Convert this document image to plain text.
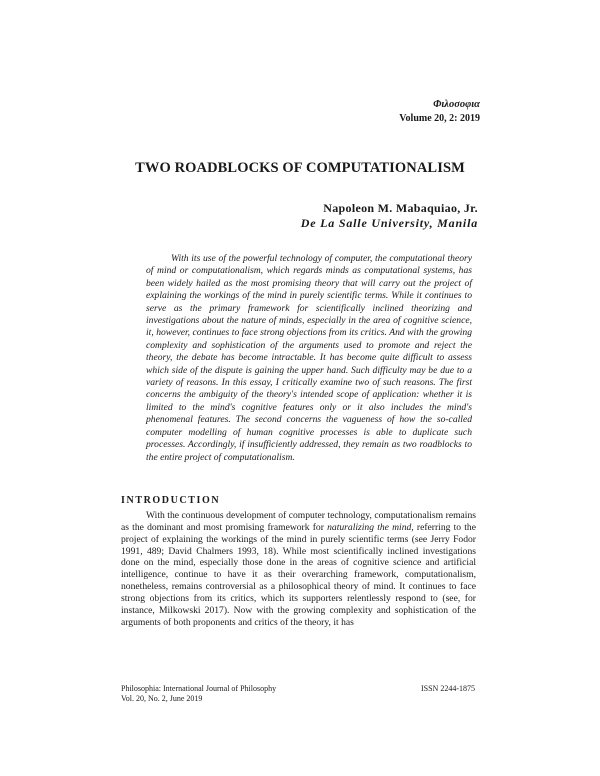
Φιλοσοφια
Volume 20, 2: 2019
TWO ROADBLOCKS OF COMPUTATIONALISM
Napoleon M. Mabaquiao, Jr.
De La Salle University, Manila

With its use of the powerful technology of computer, the computational theory of mind or computationalism, which regards minds as computational systems, has been widely hailed as the most promising theory that will carry out the project of explaining the workings of the mind in purely scientific terms. While it continues to serve as the primary framework for scientifically inclined theorizing and investigations about the nature of minds, especially in the area of cognitive science, it, however, continues to face strong objections from its critics. And with the growing complexity and sophistication of the arguments used to promote and reject the theory, the debate has become intractable. It has become quite difficult to assess which side of the dispute is gaining the upper hand. Such difficulty may be due to a variety of reasons. In this essay, I critically examine two of such reasons. The first concerns the ambiguity of the theory's intended scope of application: whether it is limited to the mind's cognitive features only or it also includes the mind's phenomenal features. The second concerns the vagueness of how the so-called computer modelling of human cognitive processes is able to duplicate such processes. Accordingly, if insufficiently addressed, they remain as two roadblocks to the entire project of computationalism.

INTRODUCTION

With the continuous development of computer technology, computationalism remains as the dominant and most promising framework for naturalizing the mind, referring to the project of explaining the workings of the mind in purely scientific terms (see Jerry Fodor 1991, 489; David Chalmers 1993, 18). While most scientifically inclined investigations done on the mind, especially those done in the areas of cognitive science and artificial intelligence, continue to have it as their overarching framework, computationalism, nonetheless, remains controversial as a philosophical theory of mind. It continues to face strong objections from its critics, which its supporters relentlessly respond to (see, for instance, Milkowski 2017). Now with the growing complexity and sophistication of the arguments of both proponents and critics of the theory, it has

Philosophia: International Journal of Philosophy
Vol. 20, No. 2, June 2019
ISSN 2244-1875
